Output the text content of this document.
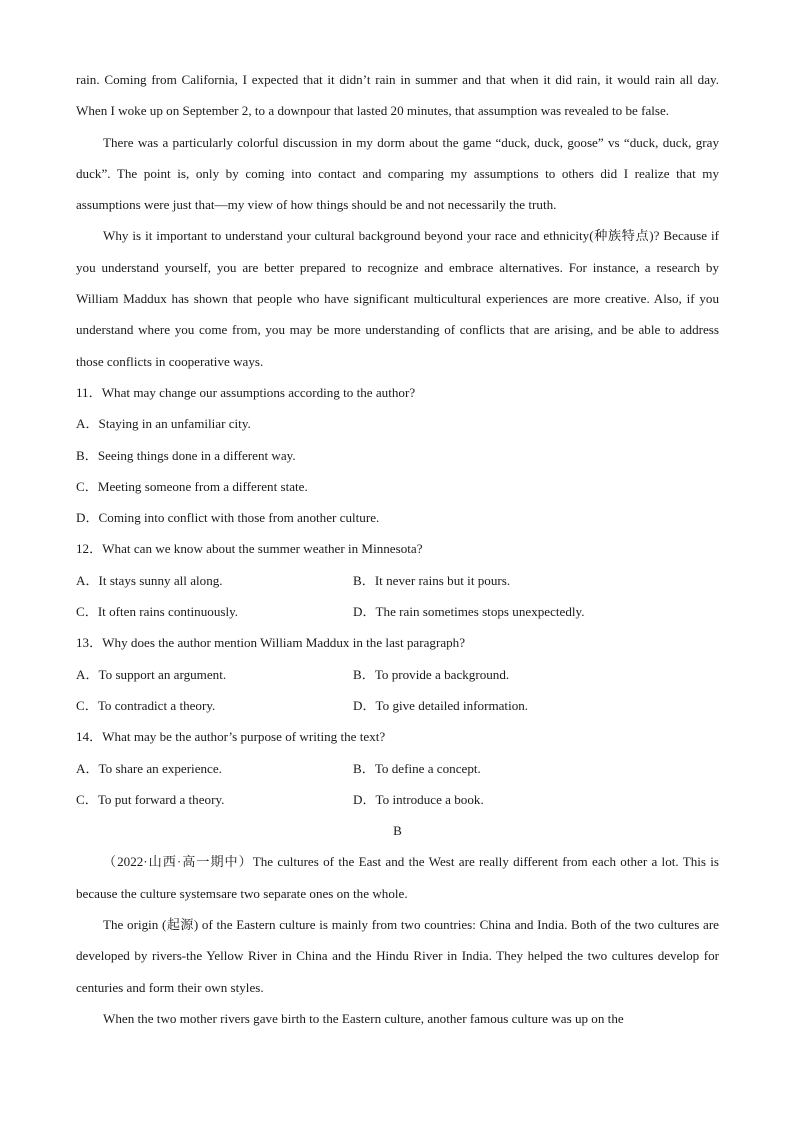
rain. Coming from California, I expected that it didn’t rain in summer and that when it did rain, it would rain all day. When I woke up on September 2, to a downpour that lasted 20 minutes, that assumption was revealed to be false.

There was a particularly colorful discussion in my dorm about the game “duck, duck, goose” vs “duck, duck, gray duck”. The point is, only by coming into contact and comparing my assumptions to others did I realize that my assumptions were just that—my view of how things should be and not necessarily the truth.

Why is it important to understand your cultural background beyond your race and ethnicity(种族特点)? Because if you understand yourself, you are better prepared to recognize and embrace alternatives. For instance, a research by William Maddux has shown that people who have significant multicultural experiences are more creative. Also, if you understand where you come from, you may be more understanding of conflicts that are arising, and be able to address those conflicts in cooperative ways.

11．What may change our assumptions according to the author?

A．Staying in an unfamiliar city.

B．Seeing things done in a different way.

C．Meeting someone from a different state.

D．Coming into conflict with those from another culture.

12．What can we know about the summer weather in Minnesota?

A．It stays sunny all along.	B．It never rains but it pours.
C．It often rains continuously.	D．The rain sometimes stops unexpectedly.

13．Why does the author mention William Maddux in the last paragraph?

A．To support an argument.	B．To provide a background.
C．To contradict a theory.	D．To give detailed information.

14．What may be the author’s purpose of writing the text?

A．To share an experience.	B．To define a concept.
C．To put forward a theory.	D．To introduce a book.

B

（2022·山西·高一期中）The cultures of the East and the West are really different from each other a lot. This is because the culture systemsare two separate ones on the whole.

The origin (起源) of the Eastern culture is mainly from two countries: China and India. Both of the two cultures are developed by rivers-the Yellow River in China and the Hindu River in India. They helped the two cultures develop for centuries and form their own styles.

When the two mother rivers gave birth to the Eastern culture, another famous culture was up on the
